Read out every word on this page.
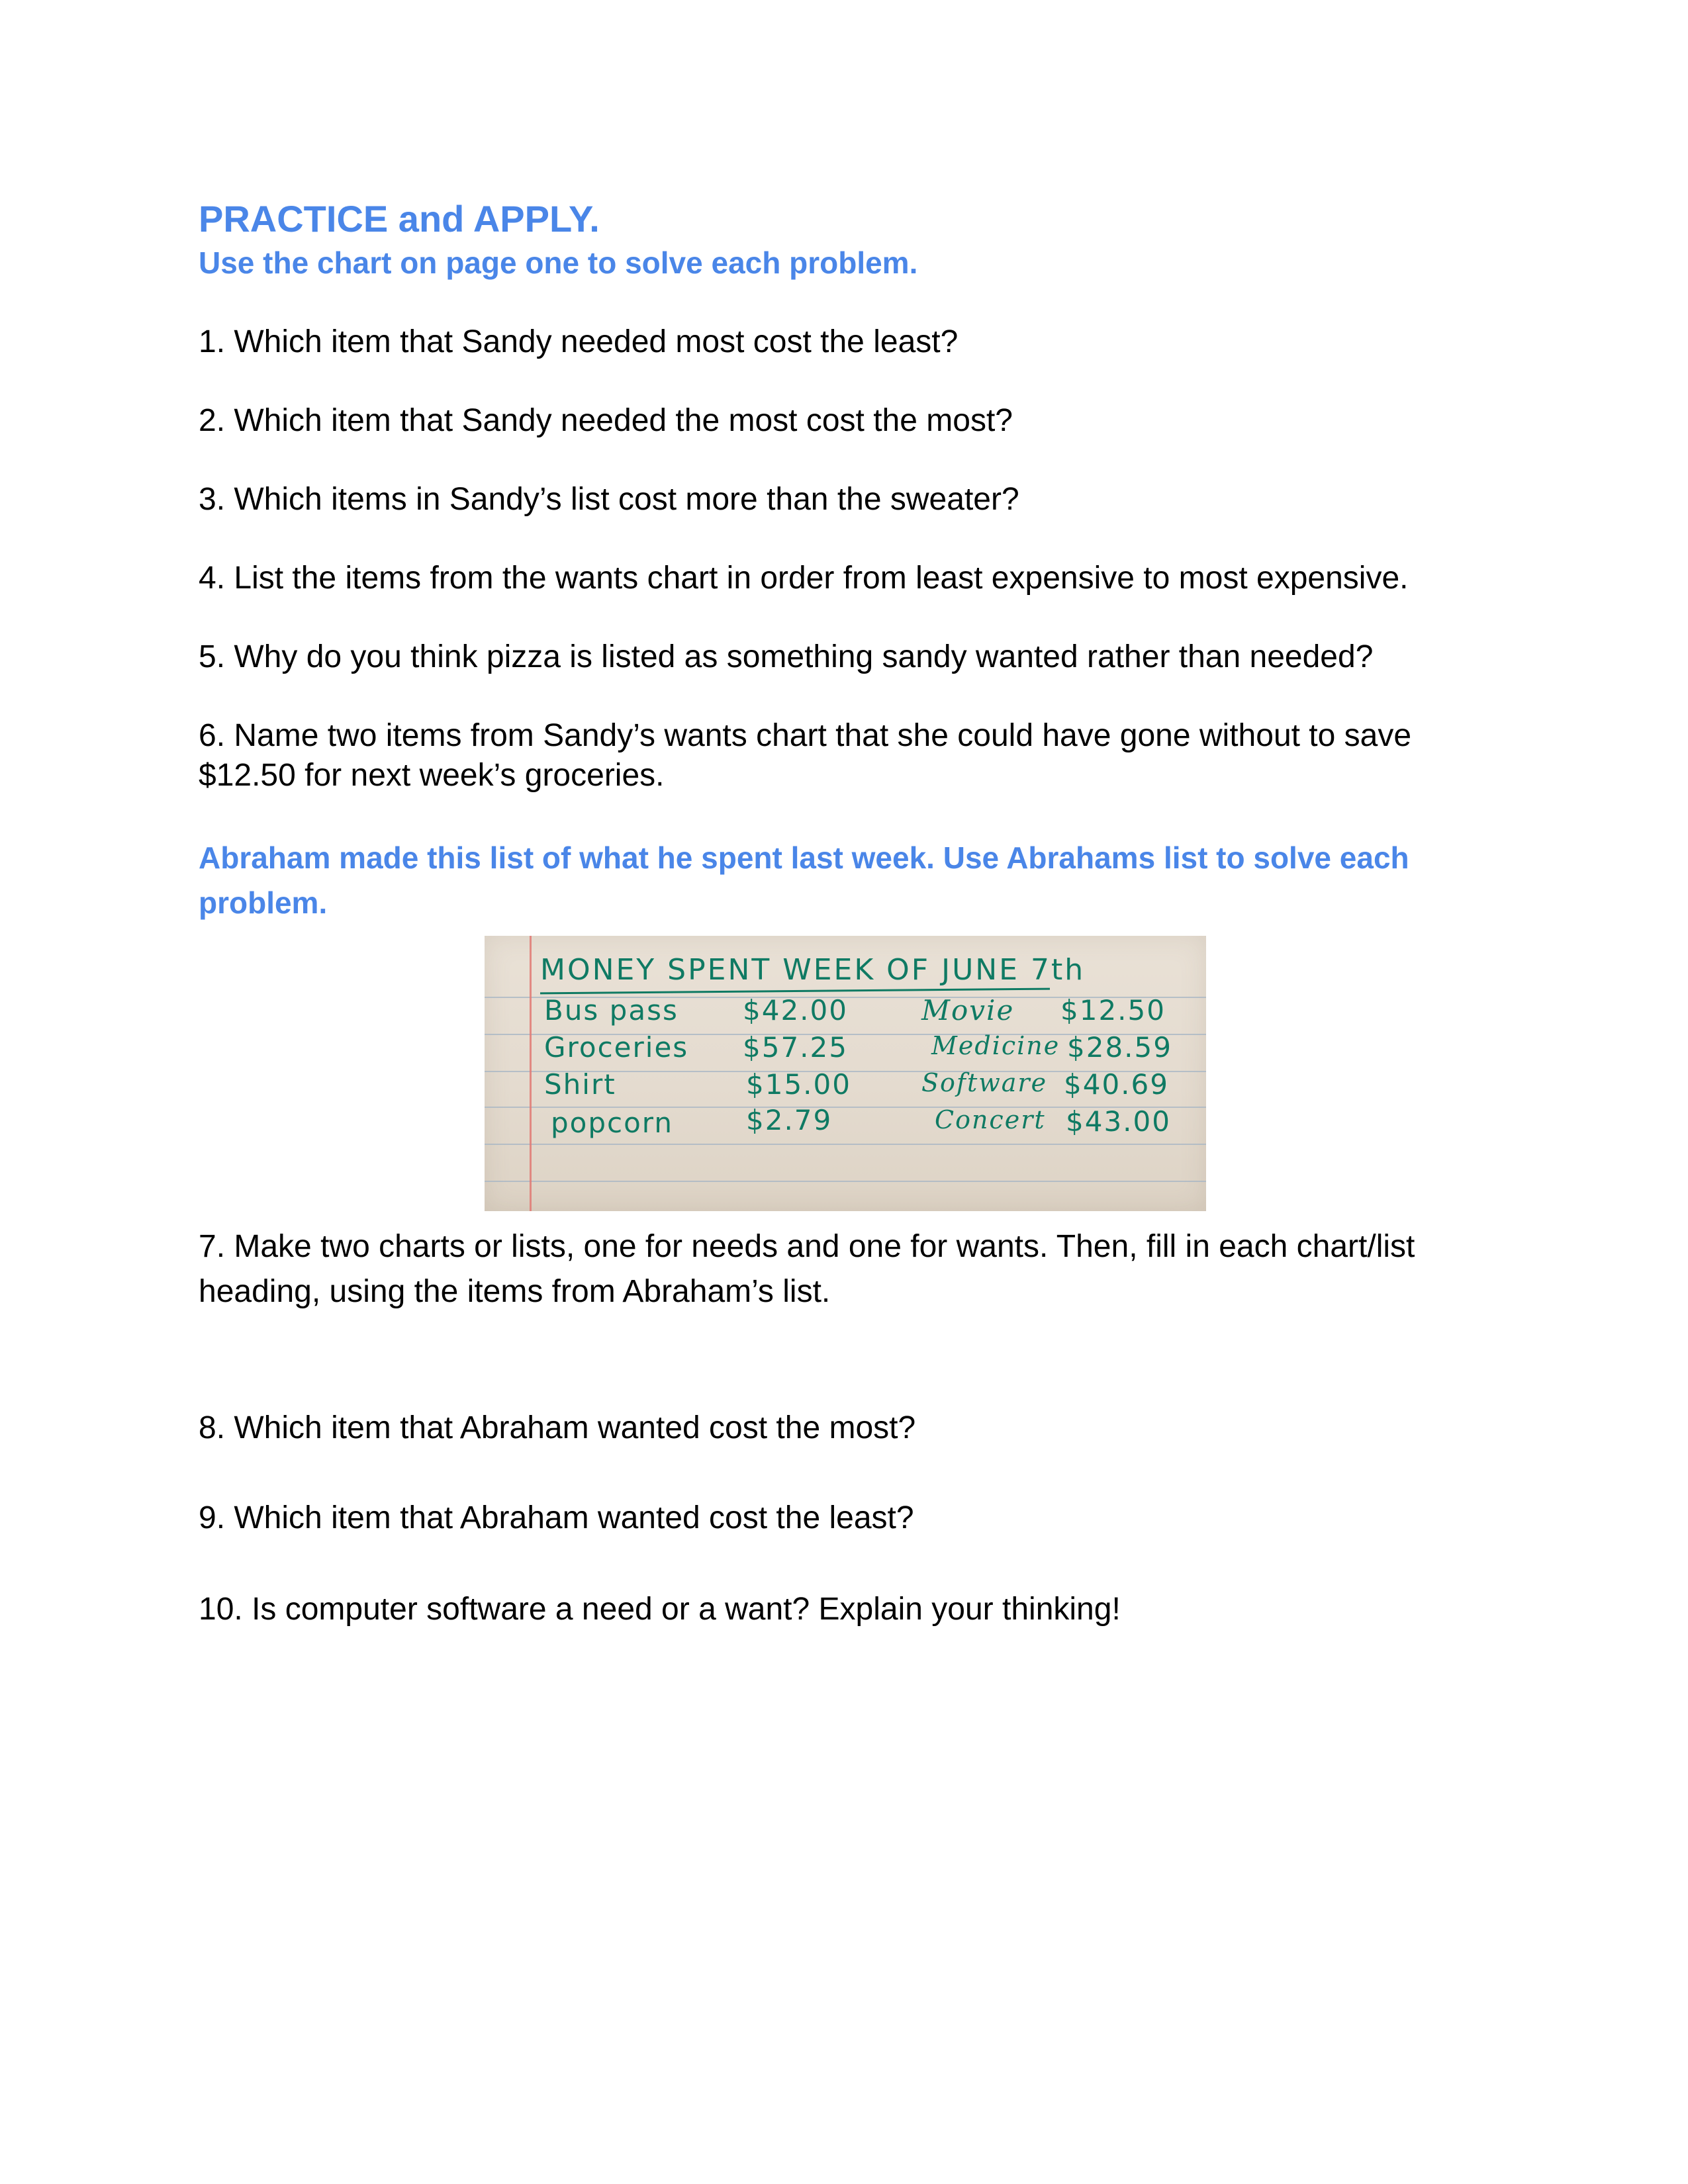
PRACTICE and APPLY.
Use the chart on page one to solve each problem.

1. Which item that Sandy needed most cost the least?

2. Which item that Sandy needed the most cost the most?

3. Which items in Sandy’s list cost more than the sweater?

4. List the items from the wants chart in order from least expensive to most expensive.

5. Why do you think pizza is listed as something sandy wanted rather than needed?

6. Name two items from Sandy’s wants chart that she could have gone without to save $12.50 for next week’s groceries.

Abraham made this list of what he spent last week. Use Abrahams list to solve each problem.
MONEY SPENT WEEK OF JUNE 7th
Bus pass $42.00	Movie $12.50
Groceries $57.25	Medicine $28.59
Shirt	$15.00	Software $40.69
popcorn	$2.79	Concert $43.00

7. Make two charts or lists, one for needs and one for wants. Then, fill in each chart/list heading, using the items from Abraham’s list.

8. Which item that Abraham wanted cost the most?

9. Which item that Abraham wanted cost the least?

10. Is computer software a need or a want? Explain your thinking!
